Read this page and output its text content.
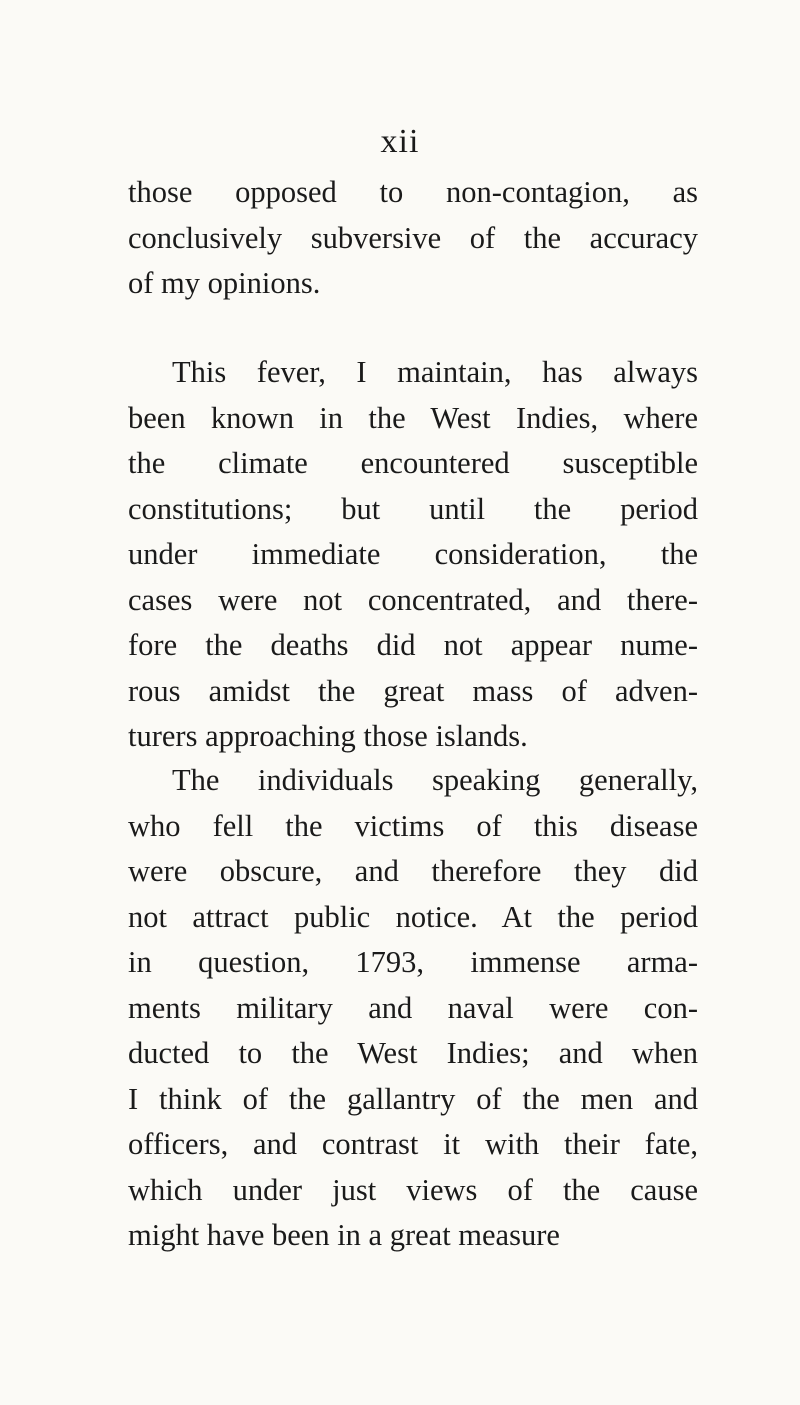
xii
those opposed to non-contagion, as
conclusively subversive of the accuracy
of my opinions.
This fever, I maintain, has always
been known in the West Indies, where
the climate encountered susceptible
constitutions; but until the period
under immediate consideration, the
cases were not concentrated, and there-
fore the deaths did not appear nume-
rous amidst the great mass of adven-
turers approaching those islands.
The individuals speaking generally,
who fell the victims of this disease
were obscure, and therefore they did
not attract public notice. At the period
in question, 1793, immense arma-
ments military and naval were con-
ducted to the West Indies; and when
I think of the gallantry of the men and
officers, and contrast it with their fate,
which under just views of the cause
might have been in a great measure
